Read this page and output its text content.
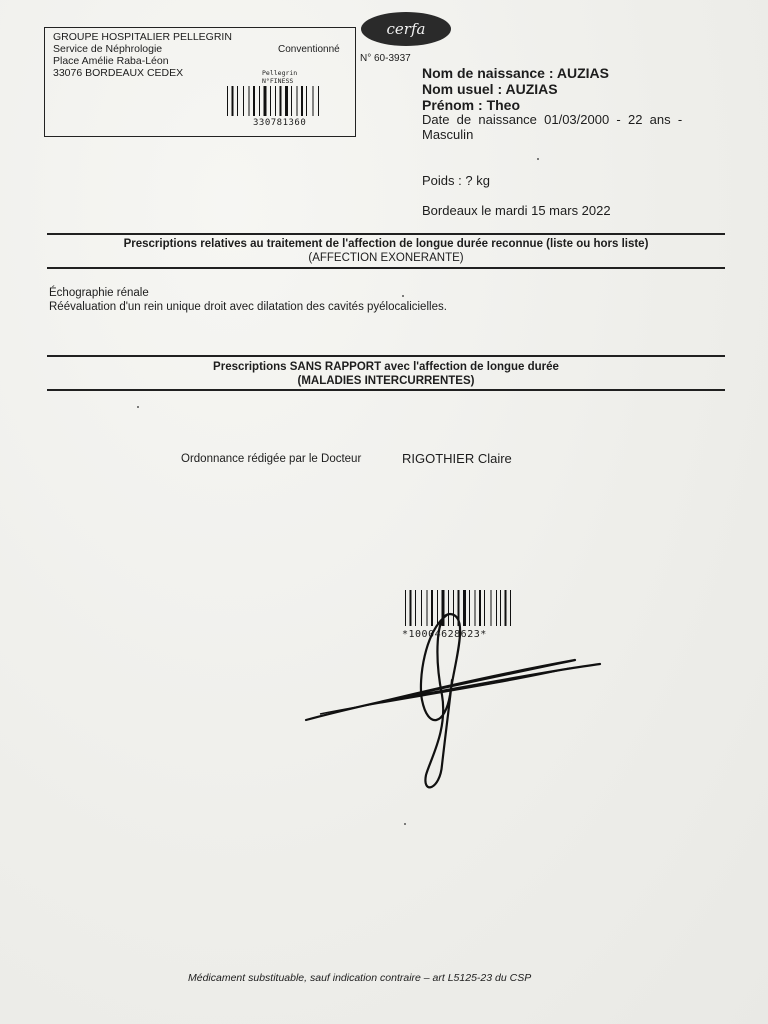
GROUPE HOSPITALIER PELLEGRIN
Service de Néphrologie
Place Amélie Raba-Léon
33076 BORDEAUX CEDEX
Conventionné
Pellegrin
N°FINESS
330781360
cerfa
N° 60-3937
Nom de naissance : AUZIAS
Nom usuel : AUZIAS
Prénom : Theo
Date  de  naissance  01/03/2000  -  22  ans  -
Masculin
Poids : ? kg
Bordeaux le mardi 15 mars 2022
Prescriptions relatives au traitement de l'affection de longue durée reconnue (liste ou hors liste)
(AFFECTION EXONERANTE)
Échographie rénale
Réévaluation d'un rein unique droit avec dilatation des cavités pyélocalicielles.
Prescriptions SANS RAPPORT avec l'affection de longue durée
(MALADIES INTERCURRENTES)
Ordonnance rédigée par le Docteur	RIGOTHIER Claire
*10004628623*
Médicament substituable, sauf indication contraire – art L5125-23 du CSP
